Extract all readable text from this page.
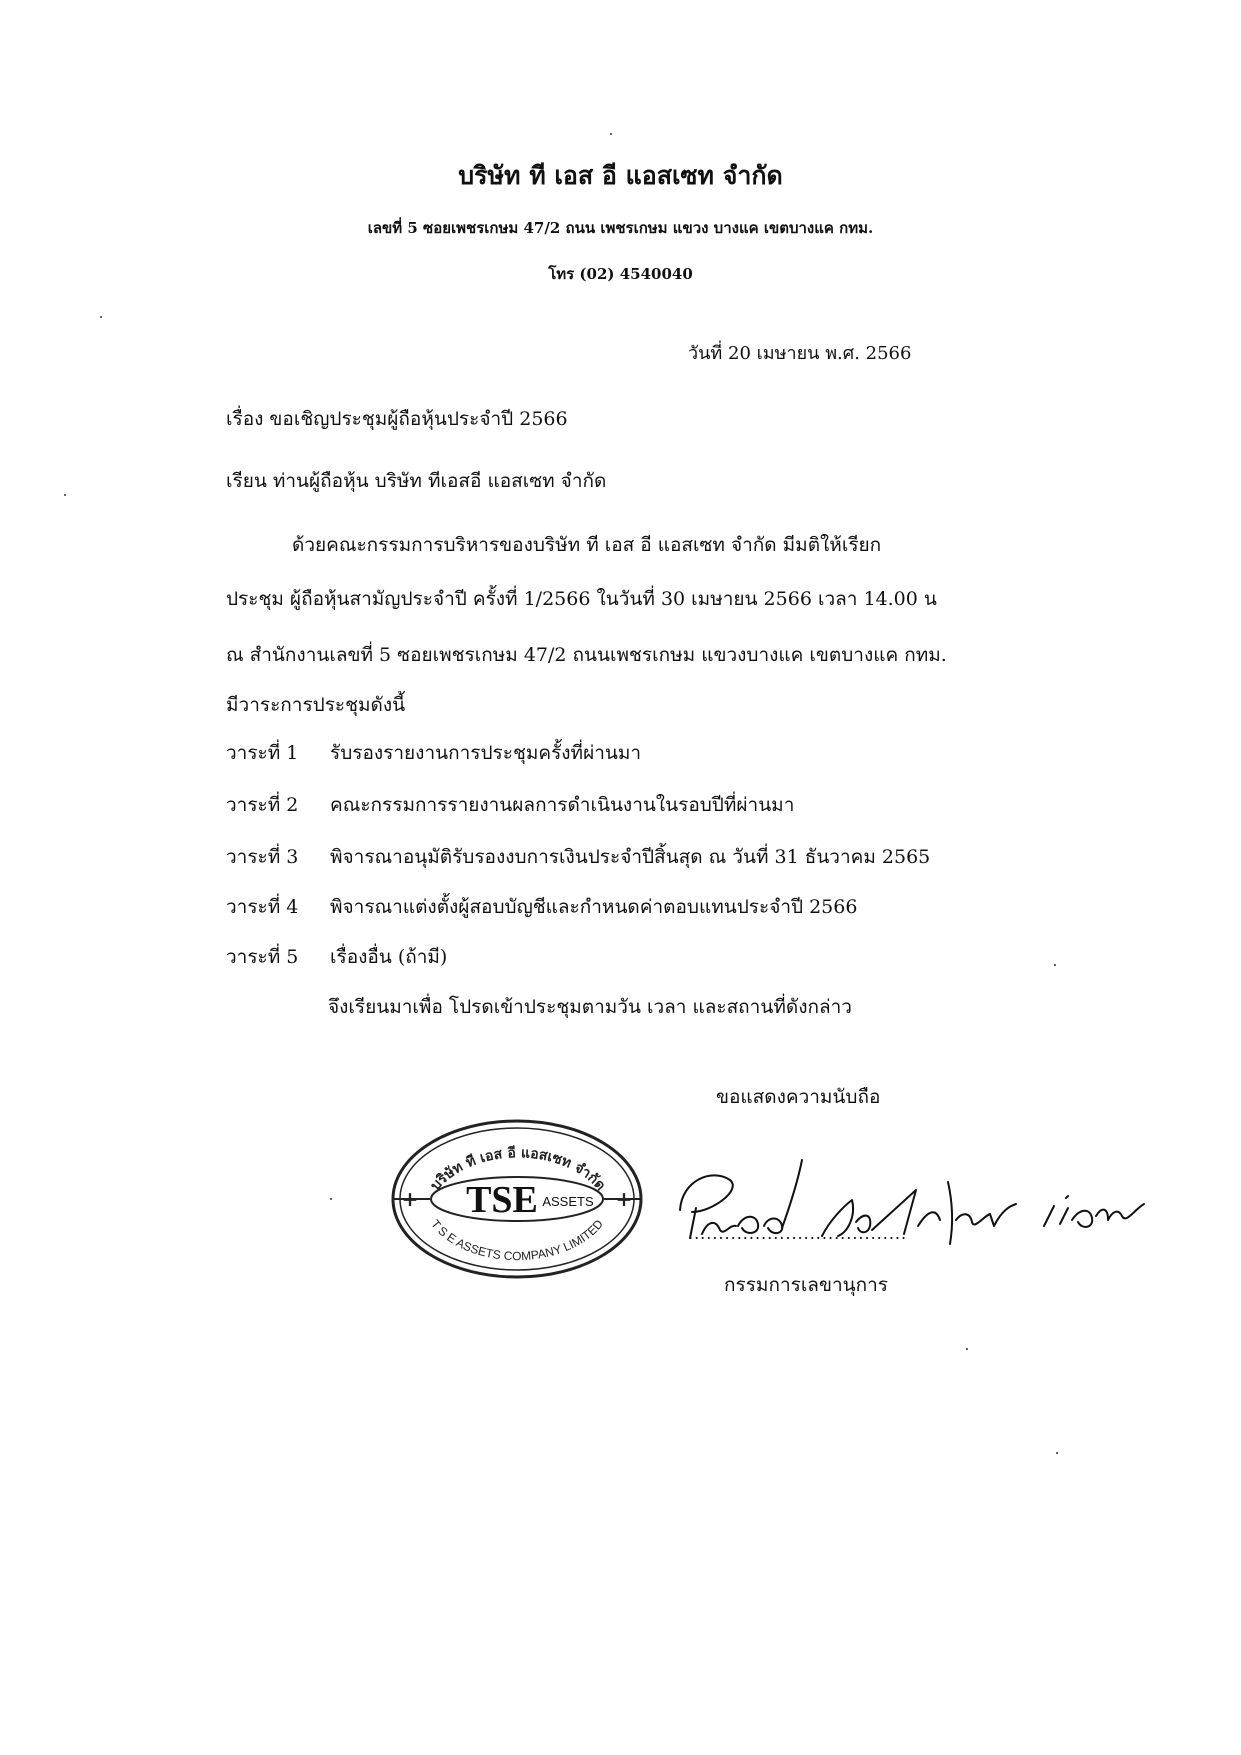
บริษัท ที เอส อี แอสเซท จำกัด
เลขที่ 5 ซอยเพชรเกษม 47/2 ถนน เพชรเกษม แขวง บางแค เขตบางแค กทม.
โทร (02) 4540040
วันที่ 20 เมษายน พ.ศ. 2566
เรื่อง ขอเชิญประชุมผู้ถือหุ้นประจำปี 2566
เรียน ท่านผู้ถือหุ้น บริษัท ทีเอสอี แอสเซท จำกัด
ด้วยคณะกรรมการบริหารของบริษัท ที เอส อี แอสเซท จำกัด มีมติให้เรียก
ประชุม ผู้ถือหุ้นสามัญประจำปี ครั้งที่ 1/2566 ในวันที่ 30 เมษายน 2566 เวลา 14.00 น
ณ สำนักงานเลขที่ 5 ซอยเพชรเกษม 47/2 ถนนเพชรเกษม แขวงบางแค เขตบางแค กทม.
มีวาระการประชุมดังนี้
วาระที่ 1 รับรองรายงานการประชุมครั้งที่ผ่านมา
วาระที่ 2 คณะกรรมการรายงานผลการดำเนินงานในรอบปีที่ผ่านมา
วาระที่ 3 พิจารณาอนุมัติรับรองงบการเงินประจำปีสิ้นสุด ณ วันที่ 31 ธันวาคม 2565
วาระที่ 4 พิจารณาแต่งตั้งผู้สอบบัญชีและกำหนดค่าตอบแทนประจำปี 2566
วาระที่ 5 เรื่องอื่น (ถ้ามี)
จึงเรียนมาเพื่อ โปรดเข้าประชุมตามวัน เวลา และสถานที่ดังกล่าว
ขอแสดงความนับถือ
+	+
บริษัท ที เอส อี แอสเซท จำกัด
TSE ASSETS
T S E ASSETS COMPANY LIMITED	....................................
กรรมการเลขานุการ
